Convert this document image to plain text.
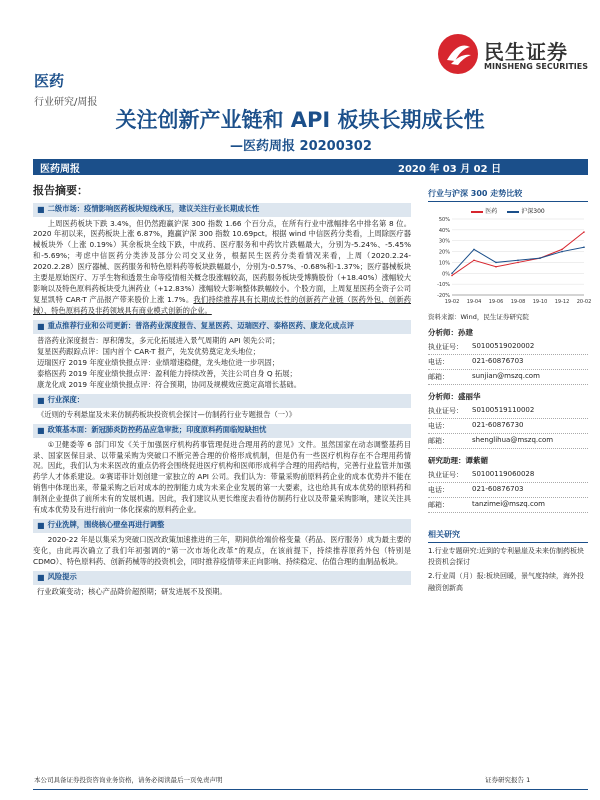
民生证券
MINSHENG SECURITIES
医药
行业研究/周报
关注创新产业链和 API 板块长期成长性
—医药周报 20200302
医药周报	2020 年 03 月 02 日
报告摘要：
■ 二级市场：疫情影响医药板块短线承压，建议关注行业长期成长性

上周医药板块下跌 3.4%，但仍然跑赢沪深 300 指数 1.66 个百分点，在所有行业中涨幅排名中排名第 8 位。2020 年初以来，医药板块上涨 6.87%，跑赢沪深 300 指数 10.69pct。根据 wind 中信医药分类看，上周除医疗器械板块外（上涨 0.19%）其余板块全线下跌，中成药、医疗服务和中药饮片跌幅最大，分别为-5.24%、-5.45%和-5.69%；考虑中信医药分类涉及部分公司交叉业务，根据民生医药分类看情况来看，上周（2020.2.24-2020.2.28）医疗器械、医药服务和特色原料药等板块跌幅最小，分别为-0.57%、-0.68%和-1.37%；医疗器械板块主要是原始医疗、万孚生物和透景生命等疫情相关概念股涨幅较高，医药服务板块受博腾股份（+18.40%）涨幅较大影响以及特色原料药板块受九洲药业（+12.83%）涨幅较大影响整体跌幅较小。个股方面，上周复星医药全资子公司复星凯特 CAR-T 产品报产带来股价上涨 1.7%。我们持续推荐具有长期成长性的创新药产业链（医药外包、创新药械）、特色原料药及非药领域具有商业模式创新的企业。

■ 重点推荐行业和公司更新：普洛药业深度报告、复星医药、迈瑞医疗、泰格医药、康龙化成点评

普洛药业深度报告：厚积薄发，多元化拓展进入景气周期的 API 领先公司；

复星医药跟踪点评：国内首个 CAR-T 报产，先发优势奠定龙头地位；

迈瑞医疗 2019 年度业绩快报点评：业绩增速稳健，龙头地位进一步巩固；

泰格医药 2019 年度业绩快报点评：盈利能力持续改善，关注公司自身 Q 拓展；

康龙化成 2019 年度业绩快报点评：符合预期，协同及规模效应奠定高增长基础。

■ 行业深度：

《近则的专利悬崖及未来仿制药板块投资机会探讨—仿制药行业专题报告（一）》

■ 政策基本面：新冠肺炎防控药品应急审批；印度原料药面临短缺担忧

①卫健委等 6 部门印发《关于加强医疗机构药事管理促进合理用药的意见》文件。虽然国家在动态调整基药目录、国家医保目录、以带量采购为突破口不断完善合理的价格形成机制，但是仍有一些医疗机构存在不合理用药情况。因此，我们认为未来医改的重点仍将会围绕促进医疗机构和医师形成科学合理的用药结构，完善行业监管并加强药学人才体系建设。②赛诺菲计划创建一家独立的 API 公司。我们认为：带量采购前原料药企业的成本优势并不能在销售中体现出来，带量采购之后对成本的控制能力成为未来企业发展的第一大要素，这也给具有成本优势的原料药和制剂企业提供了前所未有的发展机遇。因此，我们建议从更长维度去看待仿制药行业以及带量采购影响，建议关注具有成本优势及有进行前向一体化探索的原料药企业。

■ 行业洗牌，围绕核心壁垒再进行调整

2020-22 年是以集采为突破口医改政策加速推进的三年，期间供给端价格变量（药品、医疗服务）成为最主要的变化，由此再次确立了我们年初强调的“第一次市场化改革”的观点，在该前提下，持续推荐原药外包（特别是 CDMO）、特色原料药、创新药械等的投资机会，同时推荐疫情带来正向影响、持续稳定、估值合理的血制品板块。

■ 风险提示

行业政策变动；核心产品降价超预期；研发进展不及预期。

行业与沪深 300 走势比较
医药	沪深300
-20%
-10%
0%
10%
20%
30%
40%
50%
19-02 19-04 19-06 19-08 19-10 19-12 20-02
资料来源：Wind，民生证券研究院
分析师：孙建
执业证号：	S0100519020002
电话：	021-60876703
邮箱：	sunjian@mszq.com
分析师：盛丽华
执业证号：	S0100519110002
电话：	021-60876730
邮箱：	shenglihua@mszq.com
研究助理：谭紫媚
执业证号：	S0100119060028
电话：	021-60876703
邮箱：	tanzimei@mszq.com
相关研究

1.行业专题研究:近到的专利悬崖及未来仿制药板块投资机会探讨

2.行业周（月）报:板块回暖，景气度持续，海外投融资创新高

本公司具备证券投资咨询业务资格，请务必阅读最后一页免责声明	证券研究报告 1
